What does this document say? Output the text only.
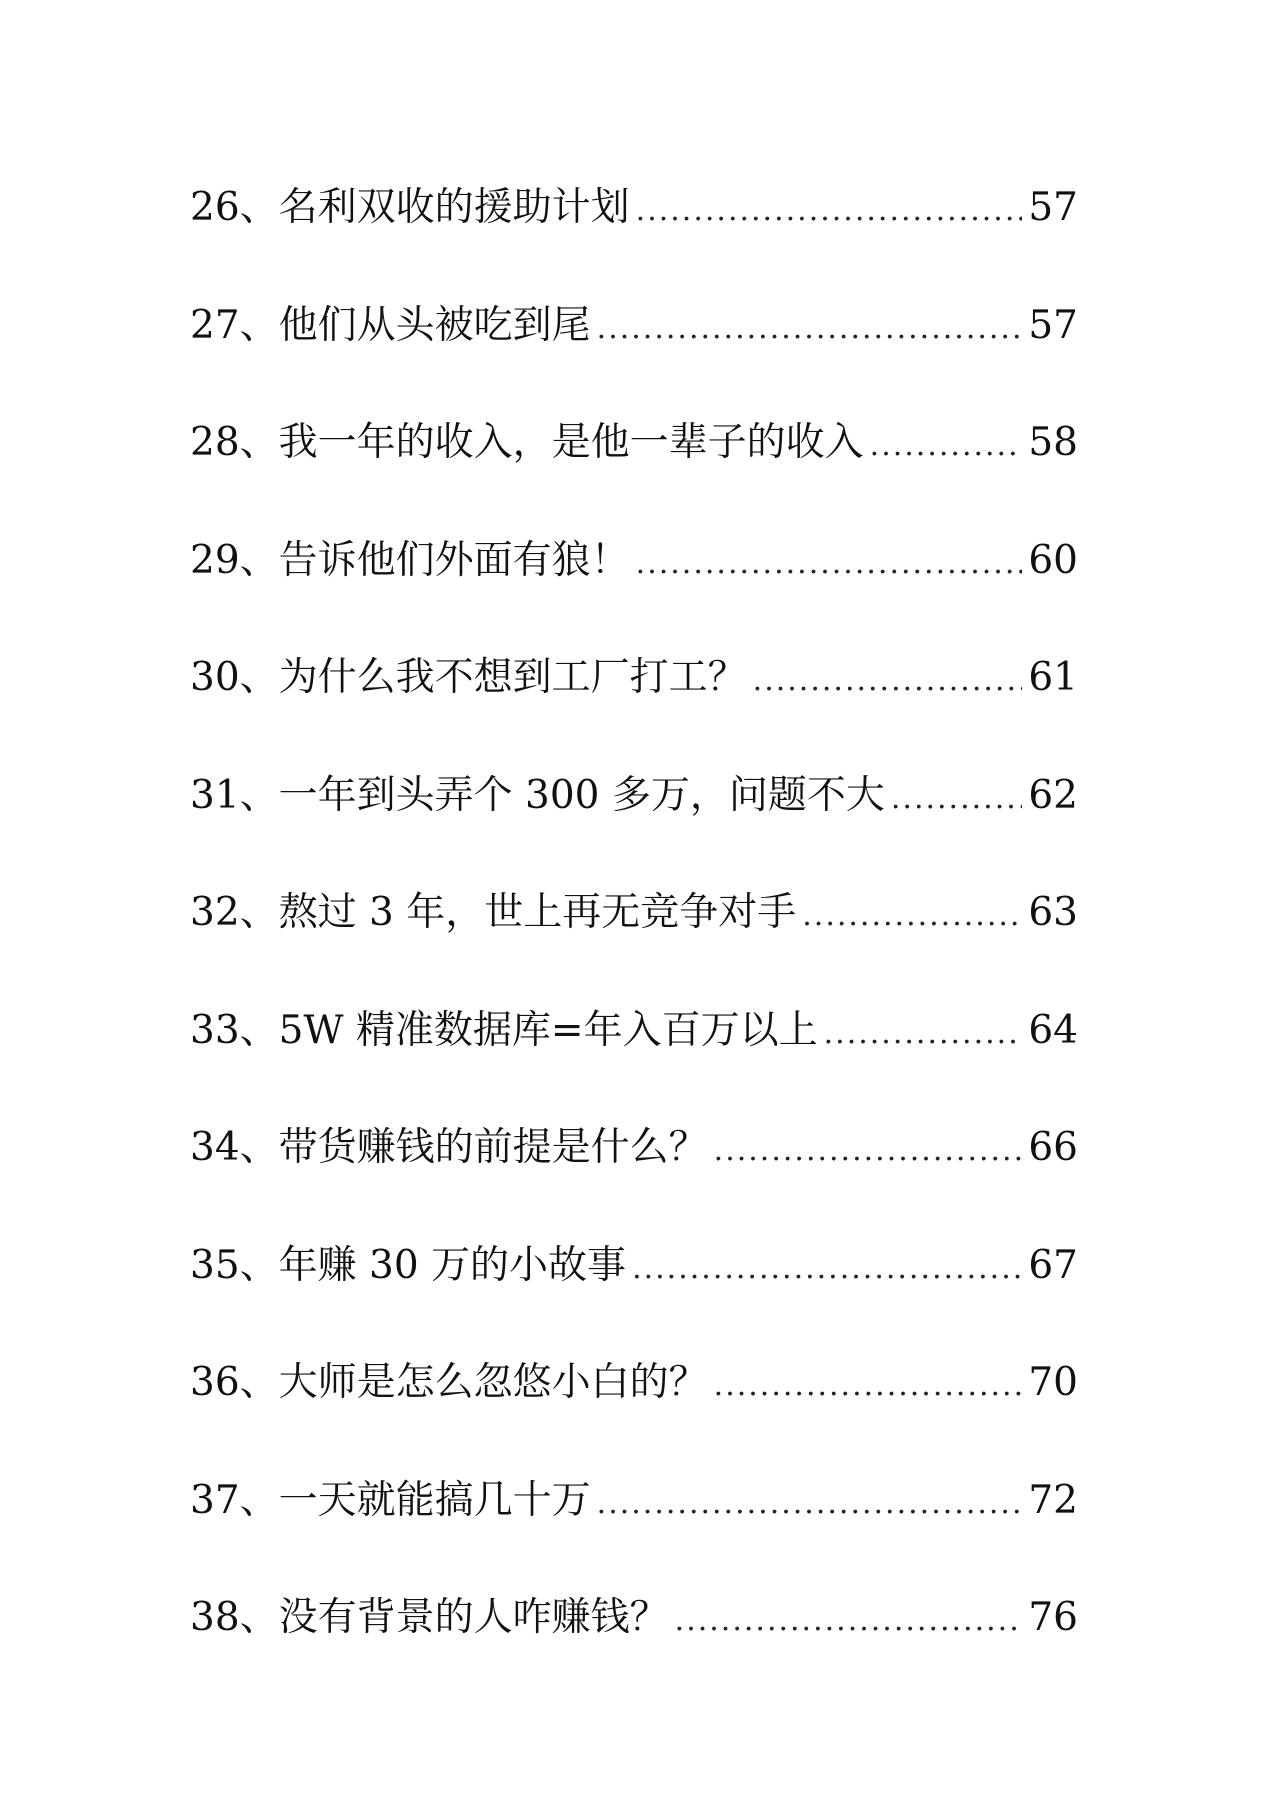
26、 名利双收的援助计划 .....	57
27、 他们从头被吃到尾 .....	57
28、 我一年的收入，是他一辈子的收入 .....	58
29、 告诉他们外面有狼！ .....	60
30、 为什么我不想到工厂打工？ .....	61
31、 一年到头弄个 300 多万，问题不大 .....	62
32、 熬过 3 年，世上再无竞争对手 .....	63
33、 5W 精准数据库=年入百万以上 .....	64
34、 带货赚钱的前提是什么？ .....	66
35、 年赚 30 万的小故事 .....	67
36、 大师是怎么忽悠小白的？ .....	70
37、 一天就能搞几十万 .....	72
38、 没有背景的人咋赚钱？ .....	76
